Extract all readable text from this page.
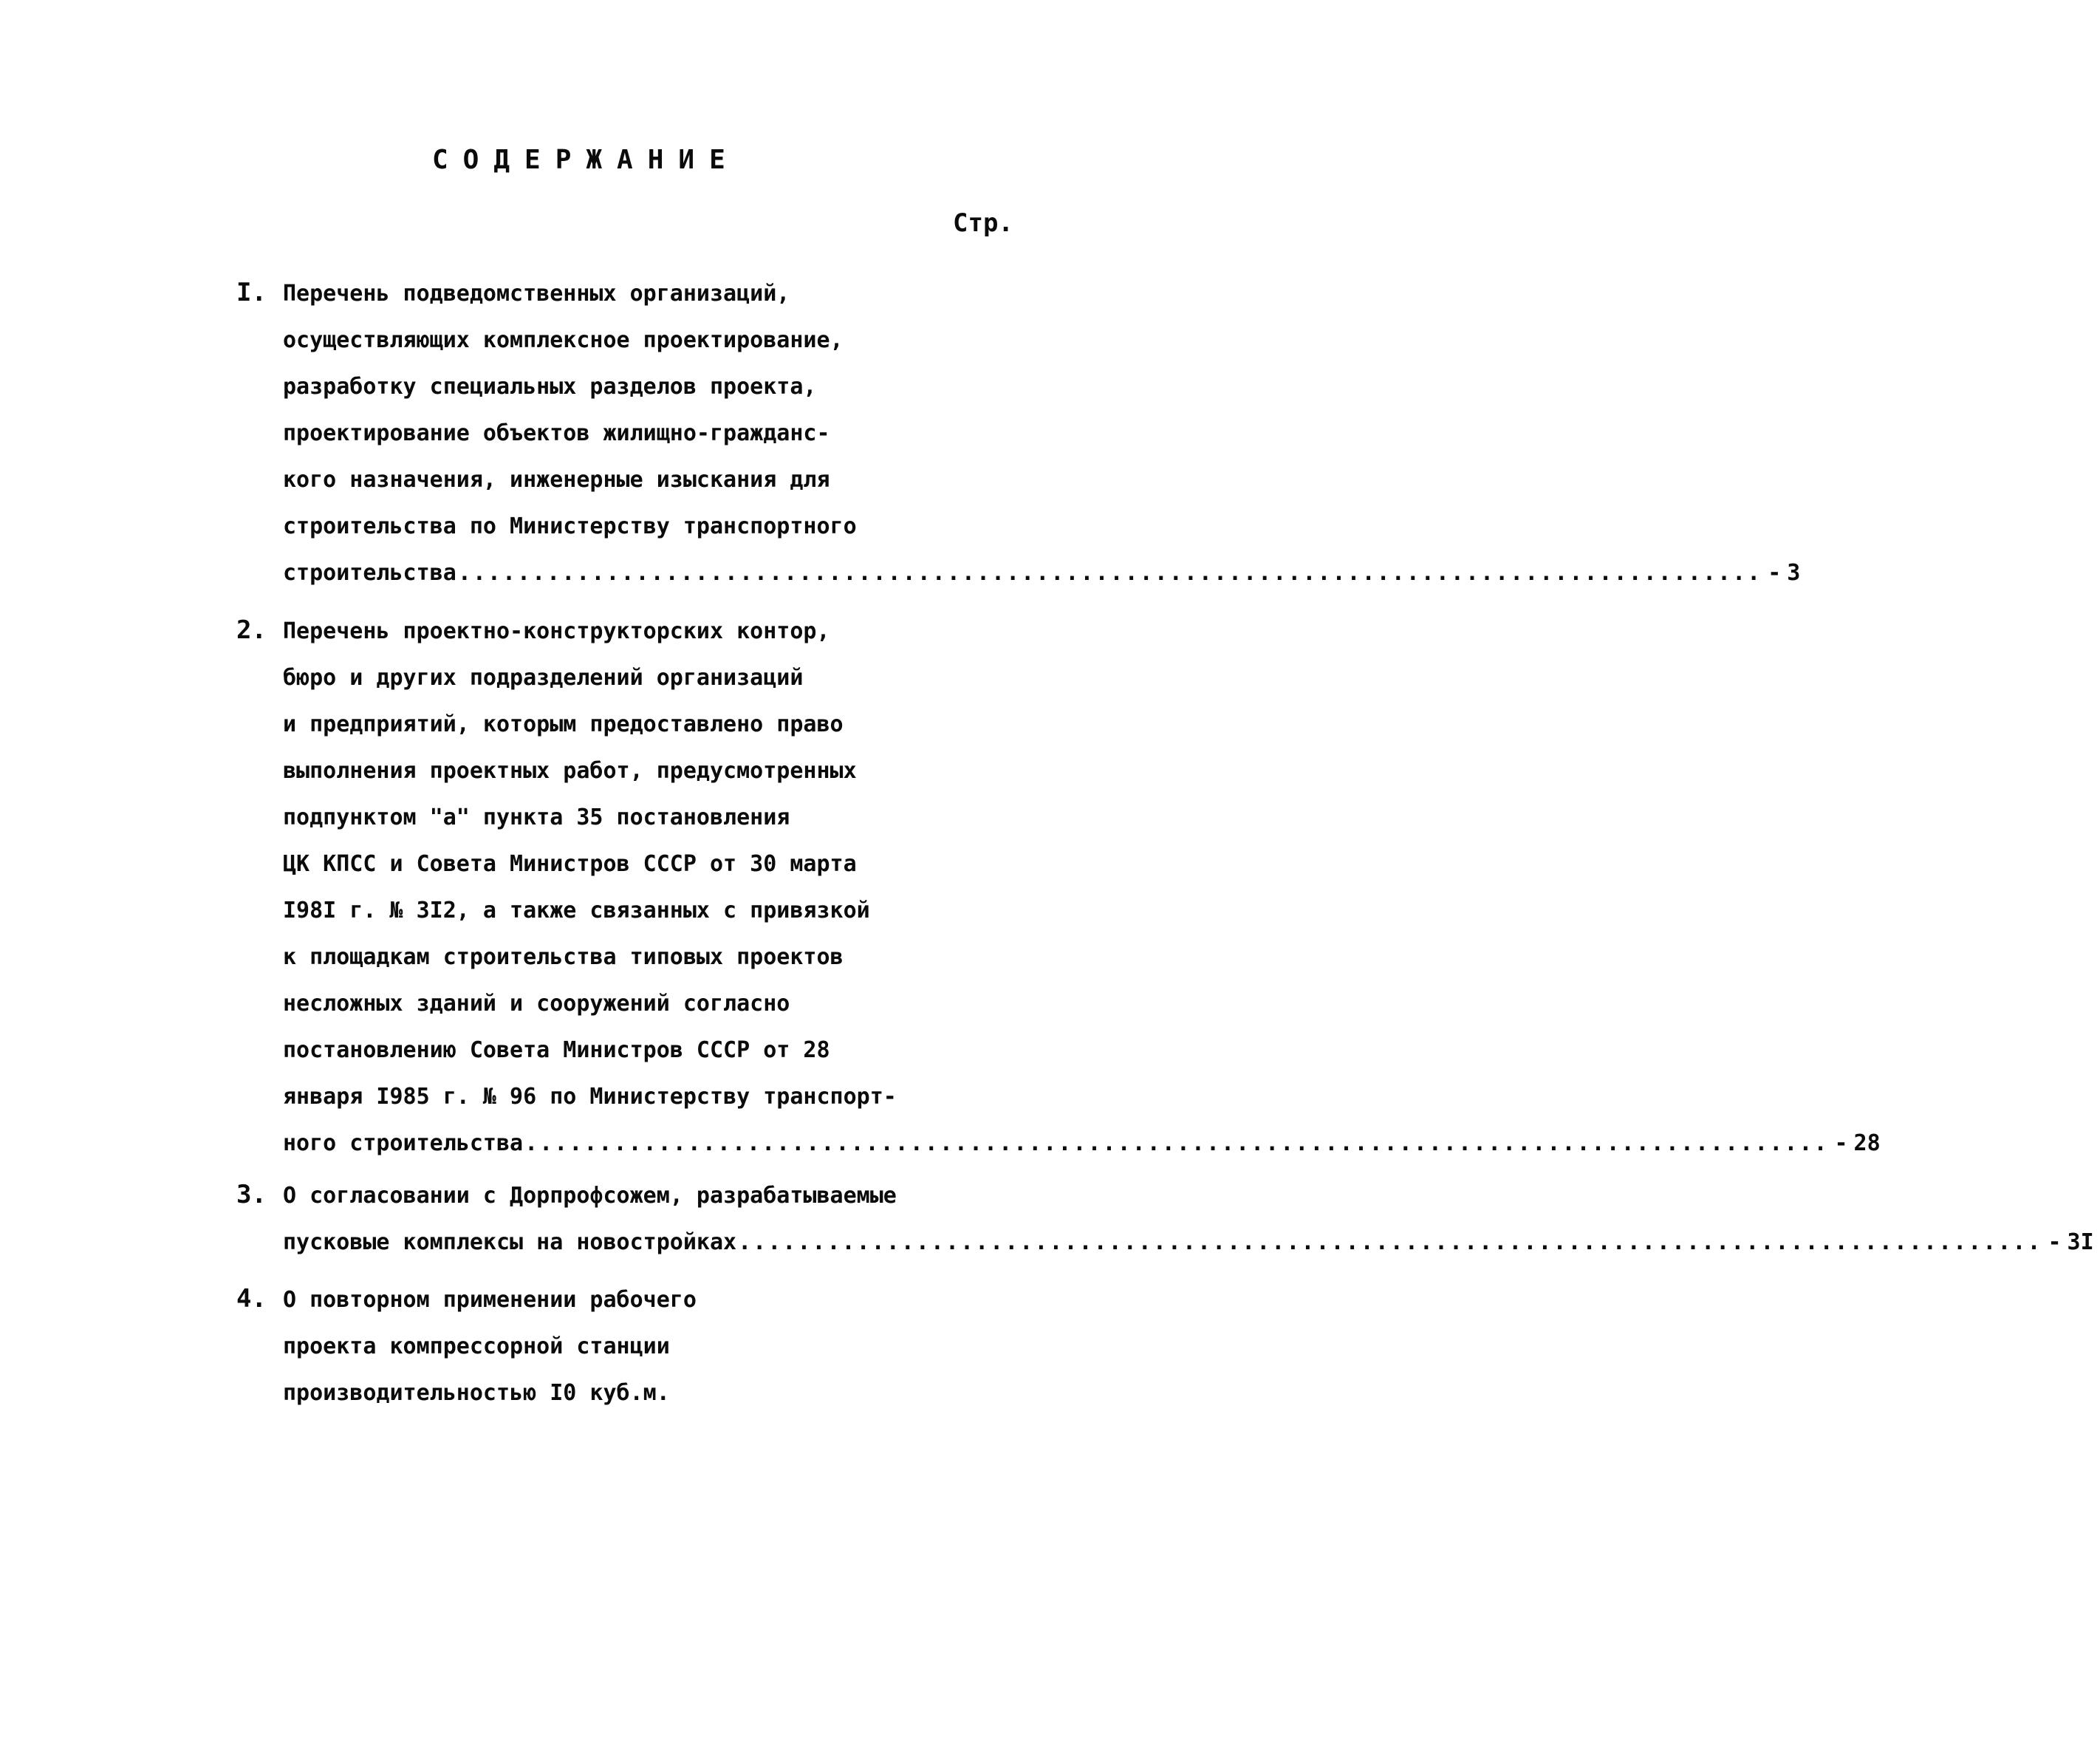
СОДЕРЖАНИЕ
Стр.
I. Перечень подведомственных организаций,
осуществляющих комплексное проектирование,
разработку специальных разделов проекта,
проектирование объектов жилищно-гражданс-
кого назначения, инженерные изыскания для
строительства по Министерству транспортного
строительства ........................................................................................ - 3
2. Перечень проектно-конструкторских контор,
бюро и других подразделений организаций
и предприятий, которым предоставлено право
выполнения проектных работ, предусмотренных
подпунктом "а" пункта 35 постановления
ЦК КПСС и Совета Министров СССР от 30 марта
I98I г. № 3I2, а также связанных с привязкой
к площадкам строительства типовых проектов
несложных зданий и сооружений согласно
постановлению Совета Министров СССР от 28
января I985 г. № 96 по Министерству транспорт-
ного строительства ........................................................................................ - 28
3. О согласовании с Дорпрофсожем, разрабатываемые
пусковые комплексы на новостройках ........................................................................................ - 3I
4. О повторном применении рабочего
проекта компрессорной станции
производительностью I0 куб.м.
